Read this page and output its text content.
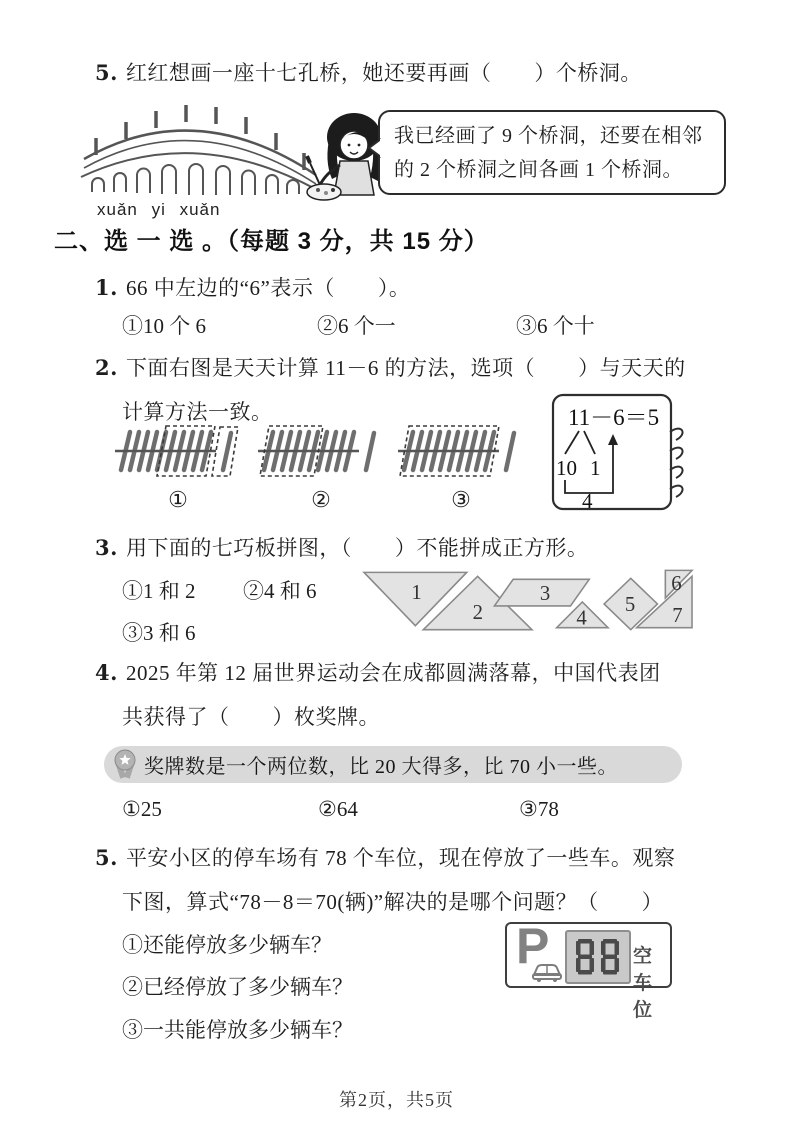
5. 红红想画一座十七孔桥，她还要再画（　　）个桥洞。
我已经画了 9 个桥洞，还要在相邻
的 2 个桥洞之间各画 1 个桥洞。
xuǎn yi xuǎn
二、选 一 选 。（每题 3 分，共 15 分）
1. 66 中左边的“6”表示（　　）。
①10 个 6	②6 个一	③6 个十
2. 下面右图是天天计算 11－6 的方法，选项（　　）与天天的
计算方法一致。	11－6＝5
10 1
4
①	②	③
3. 用下面的七巧板拼图，（　　）不能拼成正方形。
①1 和 2 ②4 和 6
③3 和 6
1
2
3
4
5
6
7
4. 2025 年第 12 届世界运动会在成都圆满落幕，中国代表团
共获得了（　　）枚奖牌。
奖牌数是一个两位数，比 20 大得多，比 70 小一些。
①25	②64	③78
5. 平安小区的停车场有 78 个车位，现在停放了一些车。观察
下图，算式“78－8＝70(辆)”解决的是哪个问题？（　　）
①还能停放多少辆车？
②已经停放了多少辆车？
③一共能停放多少辆车？
P	空车位
第2页，共5页
